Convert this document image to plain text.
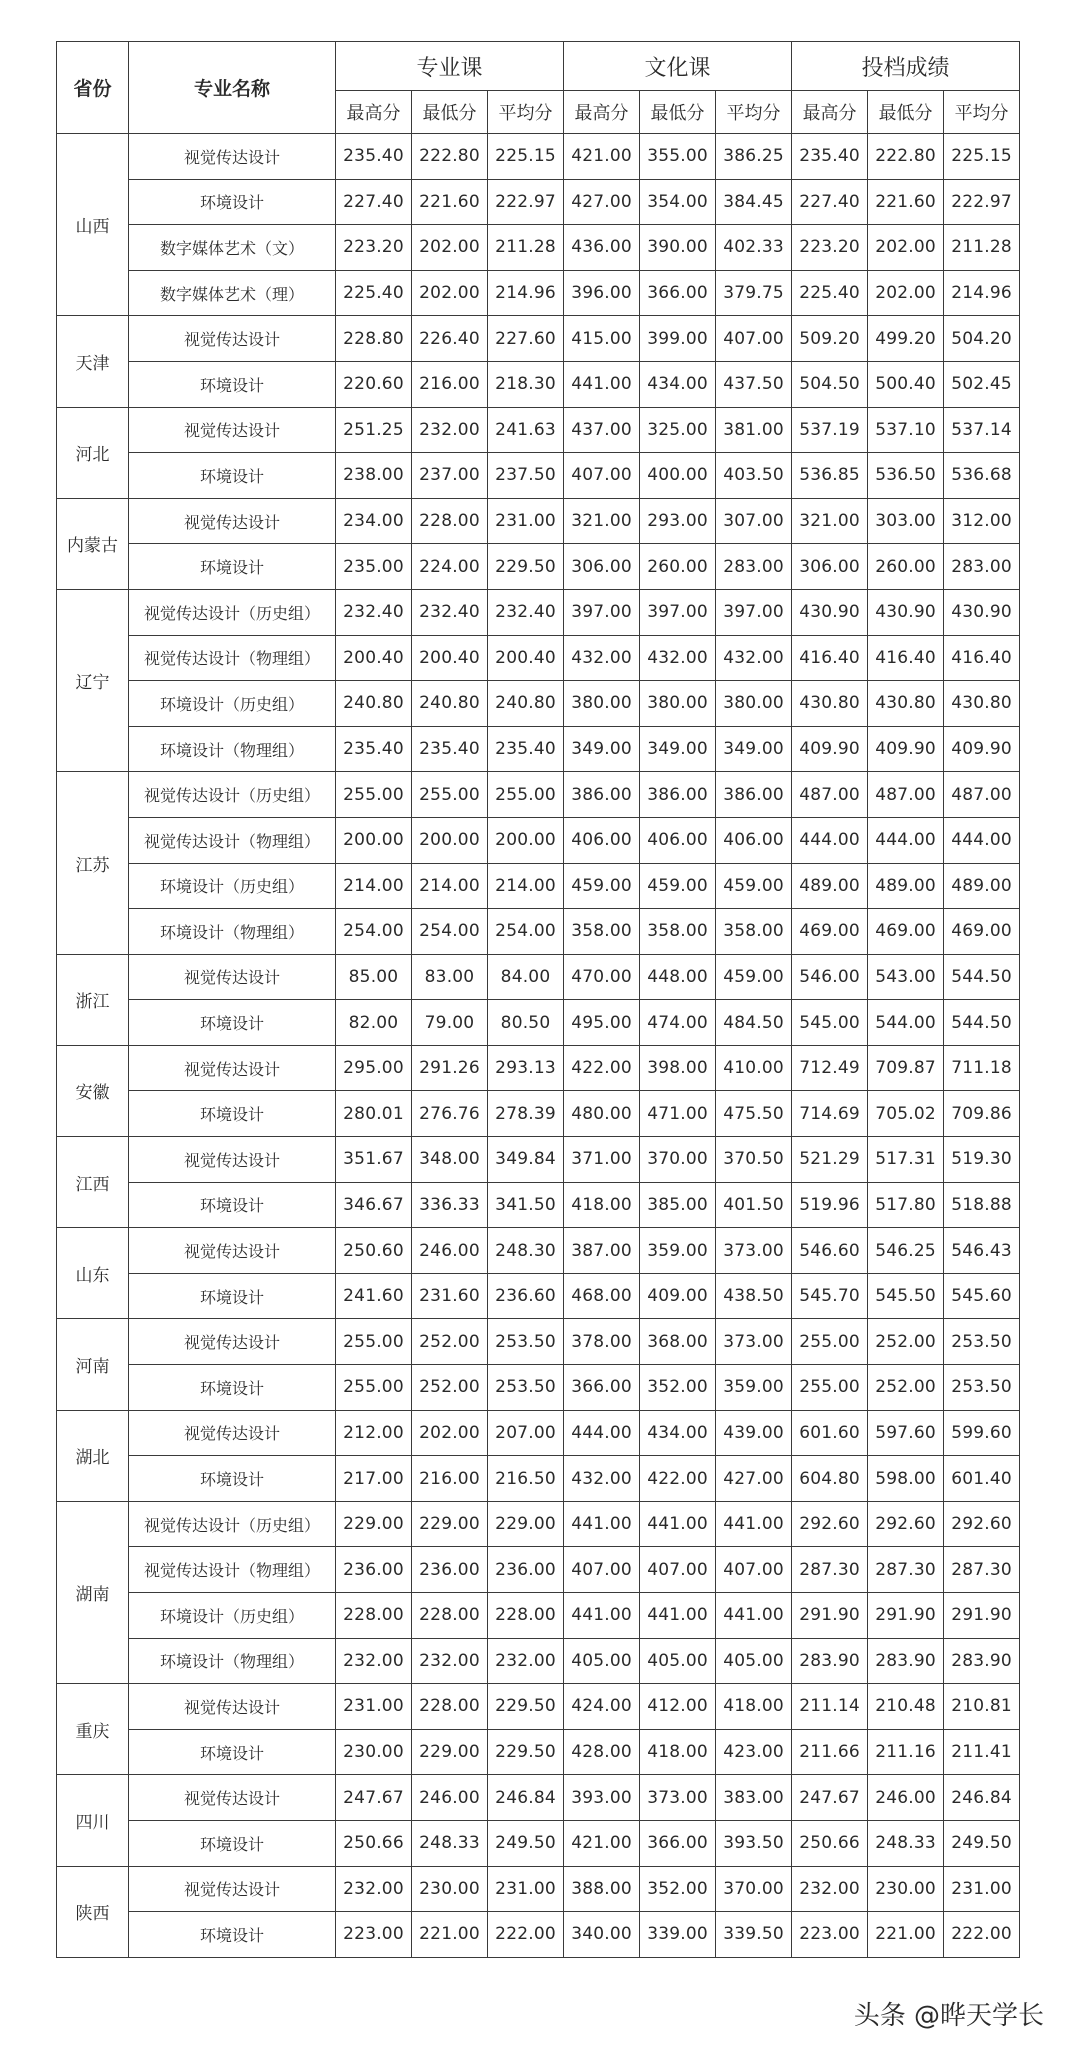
省份	专业名称	专业课			文化课			投档成绩		
		最高分	最低分	平均分	最高分	最低分	平均分	最高分	最低分	平均分
山西	视觉传达设计	235.40	222.80	225.15	421.00	355.00	386.25	235.40	222.80	225.15
	环境设计	227.40	221.60	222.97	427.00	354.00	384.45	227.40	221.60	222.97
	数字媒体艺术（文）	223.20	202.00	211.28	436.00	390.00	402.33	223.20	202.00	211.28
	数字媒体艺术（理）	225.40	202.00	214.96	396.00	366.00	379.75	225.40	202.00	214.96
天津	视觉传达设计	228.80	226.40	227.60	415.00	399.00	407.00	509.20	499.20	504.20
	环境设计	220.60	216.00	218.30	441.00	434.00	437.50	504.50	500.40	502.45
河北	视觉传达设计	251.25	232.00	241.63	437.00	325.00	381.00	537.19	537.10	537.14
	环境设计	238.00	237.00	237.50	407.00	400.00	403.50	536.85	536.50	536.68
内蒙古	视觉传达设计	234.00	228.00	231.00	321.00	293.00	307.00	321.00	303.00	312.00
	环境设计	235.00	224.00	229.50	306.00	260.00	283.00	306.00	260.00	283.00
辽宁	视觉传达设计（历史组）	232.40	232.40	232.40	397.00	397.00	397.00	430.90	430.90	430.90
	视觉传达设计（物理组）	200.40	200.40	200.40	432.00	432.00	432.00	416.40	416.40	416.40
	环境设计（历史组）	240.80	240.80	240.80	380.00	380.00	380.00	430.80	430.80	430.80
	环境设计（物理组）	235.40	235.40	235.40	349.00	349.00	349.00	409.90	409.90	409.90
江苏	视觉传达设计（历史组）	255.00	255.00	255.00	386.00	386.00	386.00	487.00	487.00	487.00
	视觉传达设计（物理组）	200.00	200.00	200.00	406.00	406.00	406.00	444.00	444.00	444.00
	环境设计（历史组）	214.00	214.00	214.00	459.00	459.00	459.00	489.00	489.00	489.00
	环境设计（物理组）	254.00	254.00	254.00	358.00	358.00	358.00	469.00	469.00	469.00
浙江	视觉传达设计	85.00	83.00	84.00	470.00	448.00	459.00	546.00	543.00	544.50
	环境设计	82.00	79.00	80.50	495.00	474.00	484.50	545.00	544.00	544.50
安徽	视觉传达设计	295.00	291.26	293.13	422.00	398.00	410.00	712.49	709.87	711.18
	环境设计	280.01	276.76	278.39	480.00	471.00	475.50	714.69	705.02	709.86
江西	视觉传达设计	351.67	348.00	349.84	371.00	370.00	370.50	521.29	517.31	519.30
	环境设计	346.67	336.33	341.50	418.00	385.00	401.50	519.96	517.80	518.88
山东	视觉传达设计	250.60	246.00	248.30	387.00	359.00	373.00	546.60	546.25	546.43
	环境设计	241.60	231.60	236.60	468.00	409.00	438.50	545.70	545.50	545.60
河南	视觉传达设计	255.00	252.00	253.50	378.00	368.00	373.00	255.00	252.00	253.50
	环境设计	255.00	252.00	253.50	366.00	352.00	359.00	255.00	252.00	253.50
湖北	视觉传达设计	212.00	202.00	207.00	444.00	434.00	439.00	601.60	597.60	599.60
	环境设计	217.00	216.00	216.50	432.00	422.00	427.00	604.80	598.00	601.40
湖南	视觉传达设计（历史组）	229.00	229.00	229.00	441.00	441.00	441.00	292.60	292.60	292.60
	视觉传达设计（物理组）	236.00	236.00	236.00	407.00	407.00	407.00	287.30	287.30	287.30
	环境设计（历史组）	228.00	228.00	228.00	441.00	441.00	441.00	291.90	291.90	291.90
	环境设计（物理组）	232.00	232.00	232.00	405.00	405.00	405.00	283.90	283.90	283.90
重庆	视觉传达设计	231.00	228.00	229.50	424.00	412.00	418.00	211.14	210.48	210.81
	环境设计	230.00	229.00	229.50	428.00	418.00	423.00	211.66	211.16	211.41
四川	视觉传达设计	247.67	246.00	246.84	393.00	373.00	383.00	247.67	246.00	246.84
	环境设计	250.66	248.33	249.50	421.00	366.00	393.50	250.66	248.33	249.50
陕西	视觉传达设计	232.00	230.00	231.00	388.00	352.00	370.00	232.00	230.00	231.00
	环境设计	223.00	221.00	222.00	340.00	339.00	339.50	223.00	221.00	222.00
头条 @晔天学长
